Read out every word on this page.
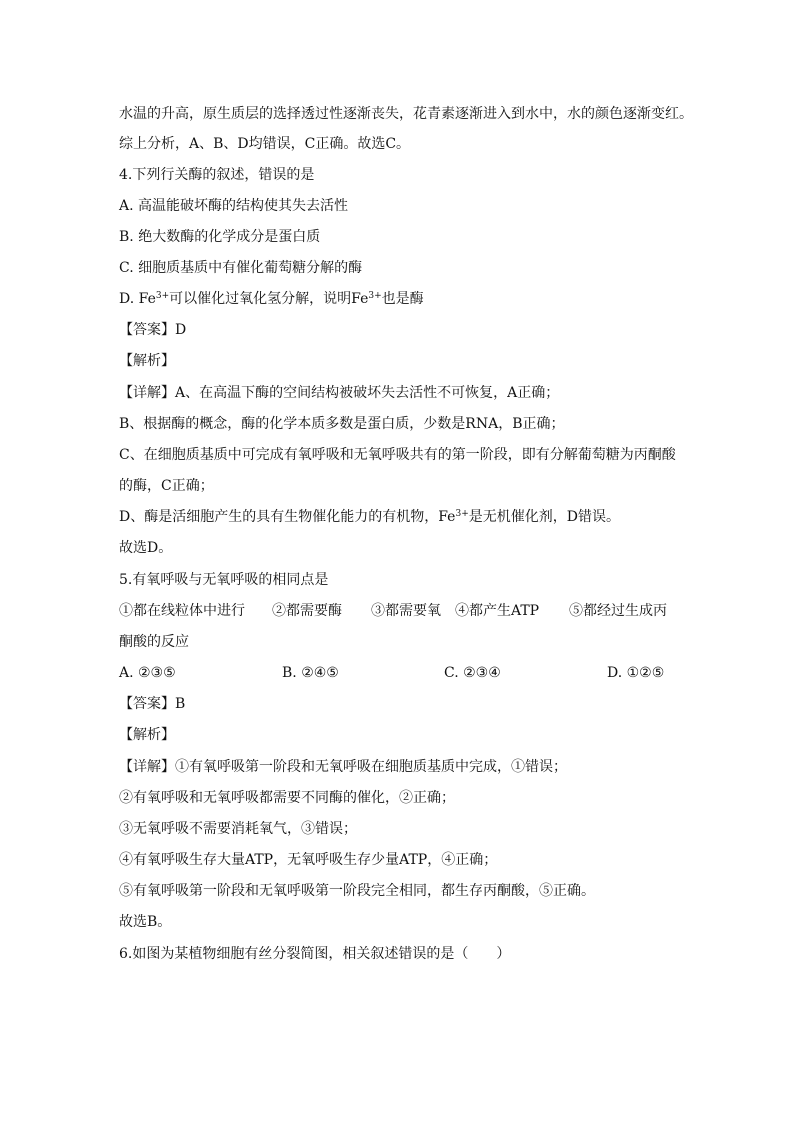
水温的升高，原生质层的选择透过性逐渐丧失，花青素逐渐进入到水中，水的颜色逐渐变红。
综上分析，A、B、D均错误，C正确。故选C。
4.下列行关酶的叙述，错误的是
A. 高温能破坏酶的结构使其失去活性
B. 绝大数酶的化学成分是蛋白质
C. 细胞质基质中有催化葡萄糖分解的酶
D. $Fe^{3+}$可以催化过氧化氢分解，说明$Fe^{3+}$也是酶
【答案】D
【解析】
【详解】A、在高温下酶的空间结构被破坏失去活性不可恢复，A正确；
B、根据酶的概念，酶的化学本质多数是蛋白质，少数是RNA，B正确；
C、在细胞质基质中可完成有氧呼吸和无氧呼吸共有的第一阶段，即有分解葡萄糖为丙酮酸
的酶，C正确；
D、酶是活细胞产生的具有生物催化能力的有机物，$Fe^{3+}$是无机催化剂，D错误。
故选D。
5.有氧呼吸与无氧呼吸的相同点是
①都在线粒体中进行 ②都需要酶 ③都需要氧 ④都产生ATP ⑤都经过生成丙
酮酸的反应
A. ②③⑤	B. ②④⑤	C. ②③④	D. ①②⑤
【答案】B
【解析】
【详解】①有氧呼吸第一阶段和无氧呼吸在细胞质基质中完成，①错误；
②有氧呼吸和无氧呼吸都需要不同酶的催化，②正确；
③无氧呼吸不需要消耗氧气，③错误；
④有氧呼吸生存大量ATP，无氧呼吸生存少量ATP，④正确；
⑤有氧呼吸第一阶段和无氧呼吸第一阶段完全相同，都生存丙酮酸，⑤正确。
故选B。
6.如图为某植物细胞有丝分裂简图，相关叙述错误的是（　　）
